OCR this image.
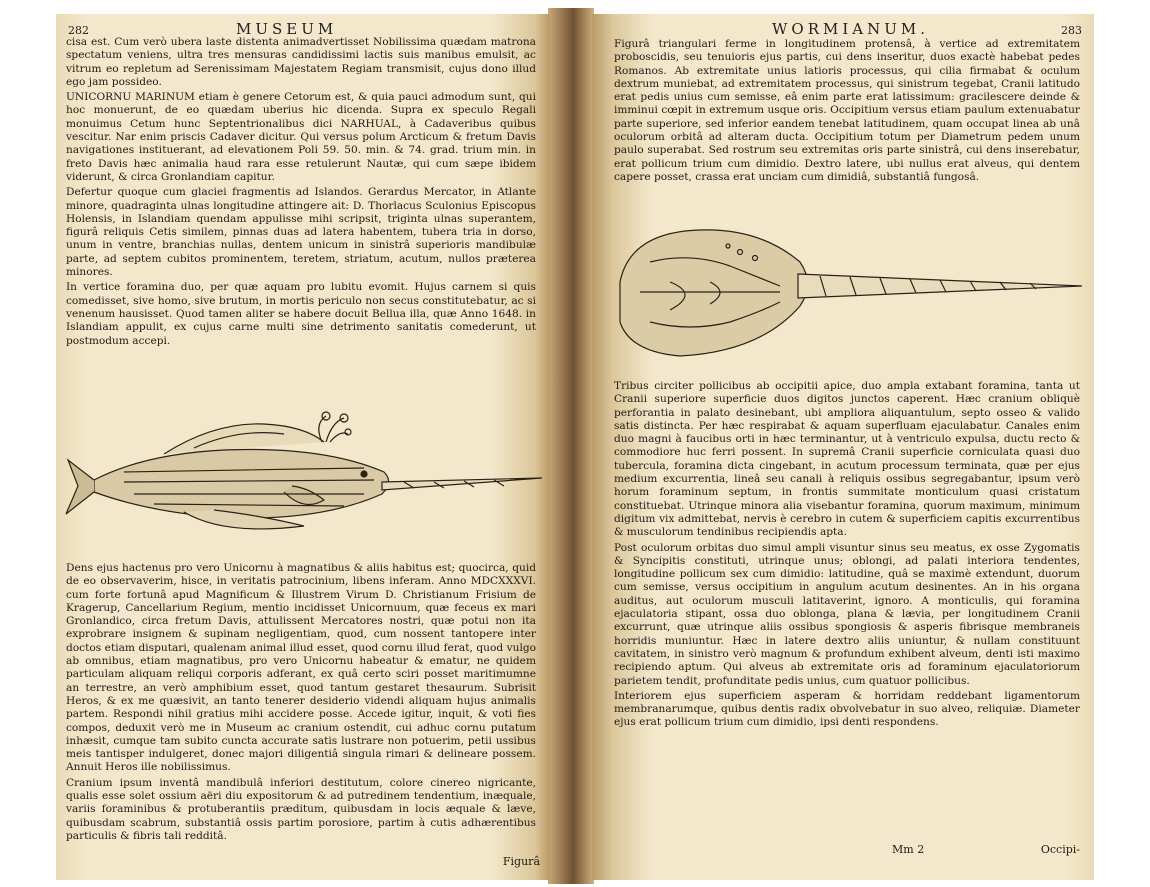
282	MUSEUM

cisa est. Cum verò ubera laste distenta animadvertisset Nobilissima quædam matrona spectatum veniens, ultra tres mensuras candidissimi lactis suis manibus emulsit, ac vitrum eo repletum ad Serenissimam Majestatem Regiam transmisit, cujus dono illud ego jam possideo.

UNICORNU MARINUM etiam è genere Cetorum est, & quia pauci admodum sunt, qui hoc monuerunt, de eo quædam uberius hic dicenda. Supra ex speculo Regali monuimus Cetum hunc Septentrionalibus dici NARHUAL, à Cadaveribus quibus vescitur. Nar enim priscis Cadaver dicitur. Qui versus polum Arcticum & fretum Davis navigationes instituerant, ad elevationem Poli 59. 50. min. & 74. grad. trium min. in freto Davis hæc animalia haud rara esse retulerunt Nautæ, qui cum sæpe ibidem viderunt, & circa Gronlandiam capitur.

Defertur quoque cum glaciei fragmentis ad Islandos. Gerardus Mercator, in Atlante minore, quadraginta ulnas longitudine attingere ait: D. Thorlacus Sculonius Episcopus Holensis, in Islandiam quendam appulisse mihi scripsit, triginta ulnas superantem, figurâ reliquis Cetis similem, pinnas duas ad latera habentem, tubera tria in dorso, unum in ventre, branchias nullas, dentem unicum in sinistrâ superioris mandibulæ parte, ad septem cubitos prominentem, teretem, striatum, acutum, nullos præterea minores.

In vertice foramina duo, per quæ aquam pro lubitu evomit. Hujus carnem si quis comedisset, sive homo, sive brutum, in mortis periculo non secus constitutebatur, ac si venenum hausisset. Quod tamen aliter se habere docuit Bellua illa, quæ Anno 1648. in Islandiam appulit, ex cujus carne multi sine detrimento sanitatis comederunt, ut postmodum accepi.

Dens ejus hactenus pro vero Unicornu à magnatibus & aliis habitus est; quocirca, quid de eo observaverim, hisce, in veritatis patrocinium, libens inferam. Anno MDCXXXVI. cum forte fortunâ apud Magnificum & Illustrem Virum D. Christianum Frisium de Kragerup, Cancellarium Regium, mentio incidisset Unicornuum, quæ feceus ex mari Gronlandico, circa fretum Davis, attulissent Mercatores nostri, quæ potui non ita exprobrare insignem & supinam negligentiam, quod, cum nossent tantopere inter doctos etiam disputari, qualenam animal illud esset, quod cornu illud ferat, quod vulgo ab omnibus, etiam magnatibus, pro vero Unicornu habeatur & ematur, ne quidem particulam aliquam reliqui corporis adferant, ex quâ certo sciri posset maritimumne an terrestre, an verò amphibium esset, quod tantum gestaret thesaurum. Subrisit Heros, & ex me quæsivit, an tanto tenerer desiderio videndi aliquam hujus animalis partem. Respondi nihil gratius mihi accidere posse. Accede igitur, inquit, & voti fies compos, deduxit verò me in Museum ac cranium ostendit, cui adhuc cornu putatum inhæsit, cumque tam subito cuncta accurate satis lustrare non potuerim, petii ussibus meis tantisper indulgeret, donec majori diligentiâ singula rimari & delineare possem. Annuit Heros ille nobilissimus.

Cranium ipsum inventâ mandibulâ inferiori destitutum, colore cinereo nigricante, qualis esse solet ossium aëri diu expositorum & ad putredinem tendentium, inæquale, variis foraminibus & protuberantiis præditum, quibusdam in locis æquale & læve, quibusdam scabrum, substantiâ ossis partim porosiore, partim à cutis adhærentibus particulis & fibris tali redditâ.

Figurâ
WORMIANUM.	283

Figurâ triangulari ferme in longitudinem protensâ, à vertice ad extremitatem proboscidis, seu tenuioris ejus partis, cui dens inseritur, duos exactè habebat pedes Romanos. Ab extremitate unius latioris processus, qui cilia firmabat & oculum dextrum muniebat, ad extremitatem processus, qui sinistrum tegebat, Cranii latitudo erat pedis unius cum semisse, eâ enim parte erat latissimum: gracilescere deinde & imminui cœpit in extremum usque oris. Occipitium versus etiam paulum extenuabatur parte superiore, sed inferior eandem tenebat latitudinem, quam occupat linea ab unâ oculorum orbitâ ad alteram ducta. Occipitium totum per Diametrum pedem unum paulo superabat. Sed rostrum seu extremitas oris parte sinistrâ, cui dens inserebatur, erat pollicum trium cum dimidio. Dextro latere, ubi nullus erat alveus, qui dentem capere posset, crassa erat unciam cum dimidiâ, substantiâ fungosâ.

Tribus circiter pollicibus ab occipitii apice, duo ampla extabant foramina, tanta ut Cranii superiore superficie duos digitos junctos caperent. Hæc cranium obliquè perforantia in palato desinebant, ubi ampliora aliquantulum, septo osseo & valido satis distincta. Per hæc respirabat & aquam superfluam ejaculabatur. Canales enim duo magni à faucibus orti in hæc terminantur, ut à ventriculo expulsa, ductu recto & commodiore huc ferri possent. In supremâ Cranii superficie corniculata quasi duo tubercula, foramina dicta cingebant, in acutum processum terminata, quæ per ejus medium excurrentia, lineâ seu canali à reliquis ossibus segregabantur, ipsum verò horum foraminum septum, in frontis summitate monticulum quasi cristatum constituebat. Utrinque minora alia visebantur foramina, quorum maximum, minimum digitum vix admittebat, nervis è cerebro in cutem & superficiem capitis excurrentibus & musculorum tendinibus recipiendis apta.

Post oculorum orbitas duo simul ampli visuntur sinus seu meatus, ex osse Zygomatis & Syncipitis constituti, utrinque unus; oblongi, ad palati interiora tendentes, longitudine pollicum sex cum dimidio: latitudine, quâ se maximè extendunt, duorum cum semisse, versus occipitium in angulum acutum desinentes. An in his organa auditus, aut oculorum musculi latitaverint, ignoro. A monticulis, qui foramina ejaculatoria stipant, ossa duo oblonga, plana & lævia, per longitudinem Cranii excurrunt, quæ utrinque aliis ossibus spongiosis & asperis fibrisque membraneis horridis muniuntur. Hæc in latere dextro aliis uniuntur, & nullam constituunt cavitatem, in sinistro verò magnum & profundum exhibent alveum, denti isti maximo recipiendo aptum. Qui alveus ab extremitate oris ad foraminum ejaculatoriorum parietem tendit, profunditate pedis unius, cum quatuor pollicibus.

Interiorem ejus superficiem asperam & horridam reddebant ligamentorum membranarumque, quibus dentis radix obvolvebatur in suo alveo, reliquiæ. Diameter ejus erat pollicum trium cum dimidio, ipsi denti respondens.

Mm 2	Occipi-
